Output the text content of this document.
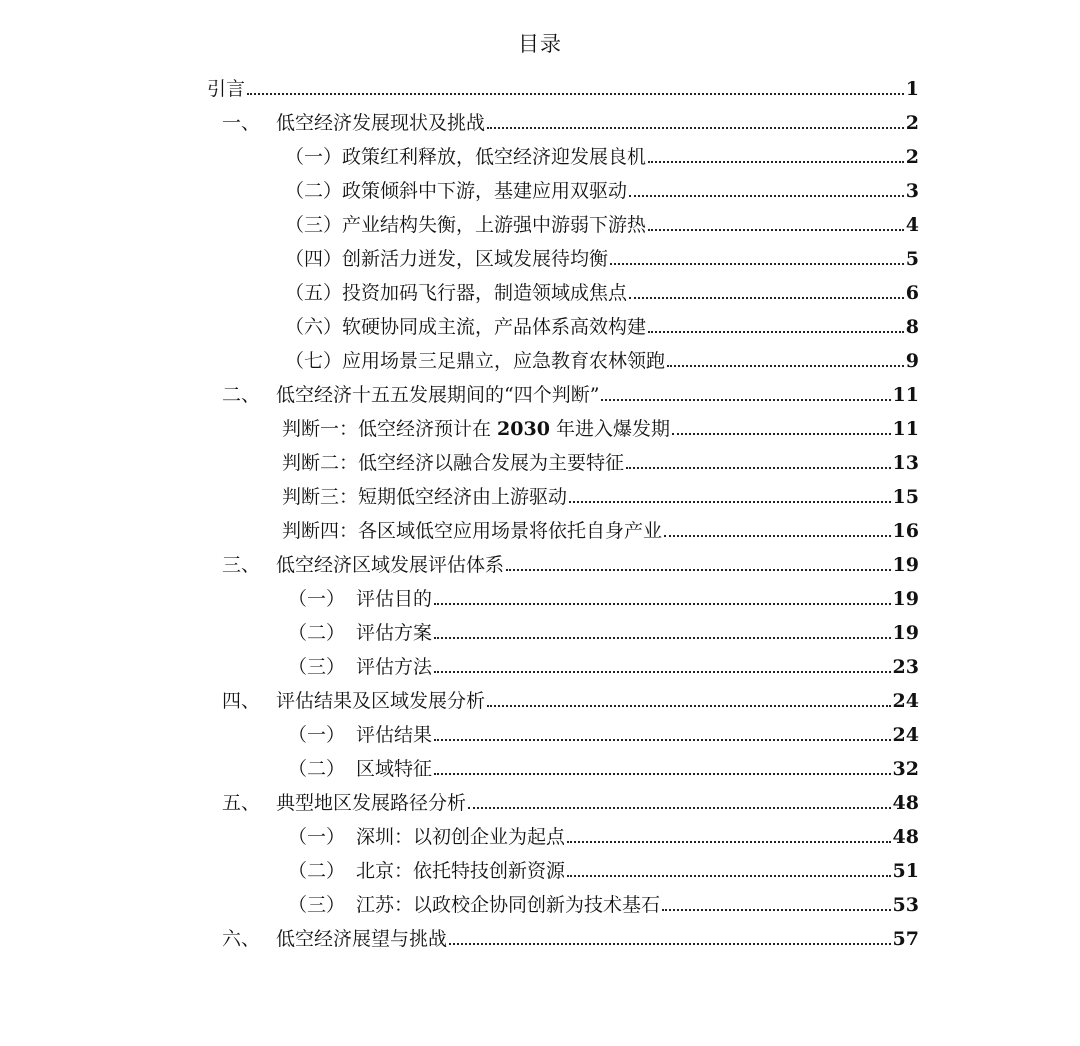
目录
引言	1
一、 低空经济发展现状及挑战	2
（一）政策红利释放，低空经济迎发展良机	2
（二）政策倾斜中下游，基建应用双驱动	3
（三）产业结构失衡，上游强中游弱下游热	4
（四）创新活力迸发，区域发展待均衡	5
（五）投资加码飞行器，制造领域成焦点	6
（六）软硬协同成主流，产品体系高效构建	8
（七）应用场景三足鼎立，应急教育农林领跑	9
二、 低空经济十五五发展期间的“四个判断”	11
判断一：低空经济预计在 2030 年进入爆发期	11
判断二：低空经济以融合发展为主要特征	13
判断三：短期低空经济由上游驱动	15
判断四：各区域低空应用场景将依托自身产业	16
三、 低空经济区域发展评估体系	19
（一） 评估目的	19
（二） 评估方案	19
（三） 评估方法	23
四、 评估结果及区域发展分析	24
（一） 评估结果	24
（二） 区域特征	32
五、 典型地区发展路径分析	48
（一） 深圳：以初创企业为起点	48
（二） 北京：依托特技创新资源	51
（三） 江苏：以政校企协同创新为技术基石	53
六、 低空经济展望与挑战	57
